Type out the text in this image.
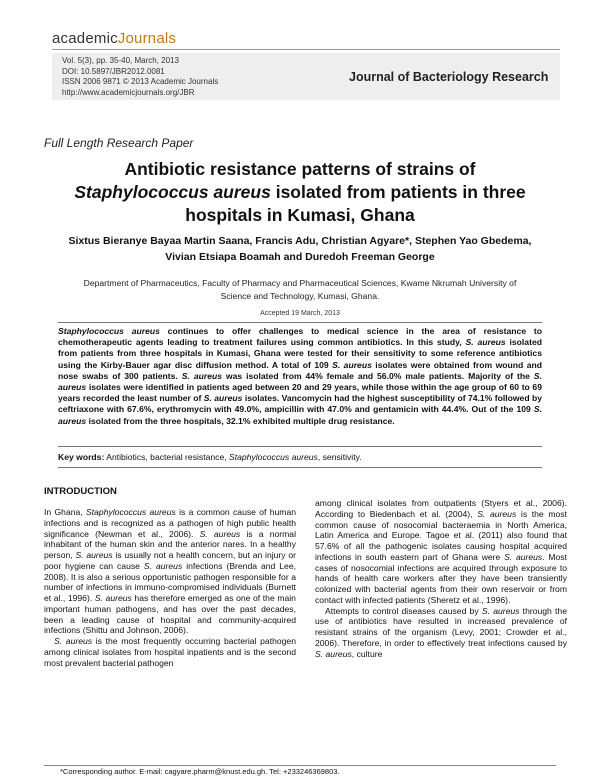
academicJournals
Vol. 5(3), pp. 35-40, March, 2013
DOI: 10.5897/JBR2012.0081
ISSN 2006 9871 © 2013 Academic Journals
http://www.academicjournals.org/JBR
Journal of Bacteriology Research
Full Length Research Paper
Antibiotic resistance patterns of strains of
Staphylococcus aureus isolated from patients in three
hospitals in Kumasi, Ghana
Sixtus Bieranye Bayaa Martin Saana, Francis Adu, Christian Agyare*, Stephen Yao Gbedema,
Vivian Etsiapa Boamah and Duredoh Freeman George
Department of Pharmaceutics, Faculty of Pharmacy and Pharmaceutical Sciences, Kwame Nkrumah University of
Science and Technology, Kumasi, Ghana.
Accepted 19 March, 2013
Staphylococcus aureus continues to offer challenges to medical science in the area of resistance to chemotherapeutic agents leading to treatment failures using common antibiotics. In this study, S. aureus isolated from patients from three hospitals in Kumasi, Ghana were tested for their sensitivity to some reference antibiotics using the Kirby-Bauer agar disc diffusion method. A total of 109 S. aureus isolates were obtained from wound and nose swabs of 300 patients. S. aureus was isolated from 44% female and 56.0% male patients. Majority of the S. aureus isolates were identified in patients aged between 20 and 29 years, while those within the age group of 60 to 69 years recorded the least number of S. aureus isolates. Vancomycin had the highest susceptibility of 74.1% followed by ceftriaxone with 67.6%, erythromycin with 49.0%, ampicillin with 47.0% and gentamicin with 44.4%. Out of the 109 S. aureus isolated from the three hospitals, 32.1% exhibited multiple drug resistance.
Key words: Antibiotics, bacterial resistance, Staphylococcus aureus, sensitivity.
INTRODUCTION

In Ghana, Staphylococcus aureus is a common cause of human infections and is recognized as a pathogen of high public health significance (Newman et al., 2006). S. aureus is a normal inhabitant of the human skin and the anterior nares. In a healthy person, S. aureus is usually not a health concern, but an injury or poor hygiene can cause S. aureus infections (Brenda and Lee, 2008). It is also a serious opportunistic pathogen responsible for a number of infections in immuno-compromised individuals (Burnett et al., 1996). S. aureus has therefore emerged as one of the main important human pathogens, and has over the past decades, been a leading cause of hospital and community-acquired infections (Shittu and Johnson, 2006).

S. aureus is the most frequently occurring bacterial pathogen among clinical isolates from hospital inpatients and is the second most prevalent bacterial pathogen

among clinical isolates from outpatients (Styers et al., 2006). According to Biedenbach et al. (2004), S. aureus is the most common cause of nosocomial bacteraemia in North America, Latin America and Europe. Tagoe et al. (2011) also found that 57.6% of all the pathogenic isolates causing hospital acquired infections in south eastern part of Ghana were S. aureus. Most cases of nosocomial infections are acquired through exposure to hands of health care workers after they have been transiently colonized with bacterial agents from their own reservoir or from contact with infected patients (Sheretz et al., 1996).

Attempts to control diseases caused by S. aureus through the use of antibiotics have resulted in increased prevalence of resistant strains of the organism (Levy, 2001; Crowder et al., 2006). Therefore, in order to effectively treat infections caused by S. aureus, culture

*Corresponding author. E-mail: cagyare.pharm@knust.edu.gh. Tel: +233246369803.
